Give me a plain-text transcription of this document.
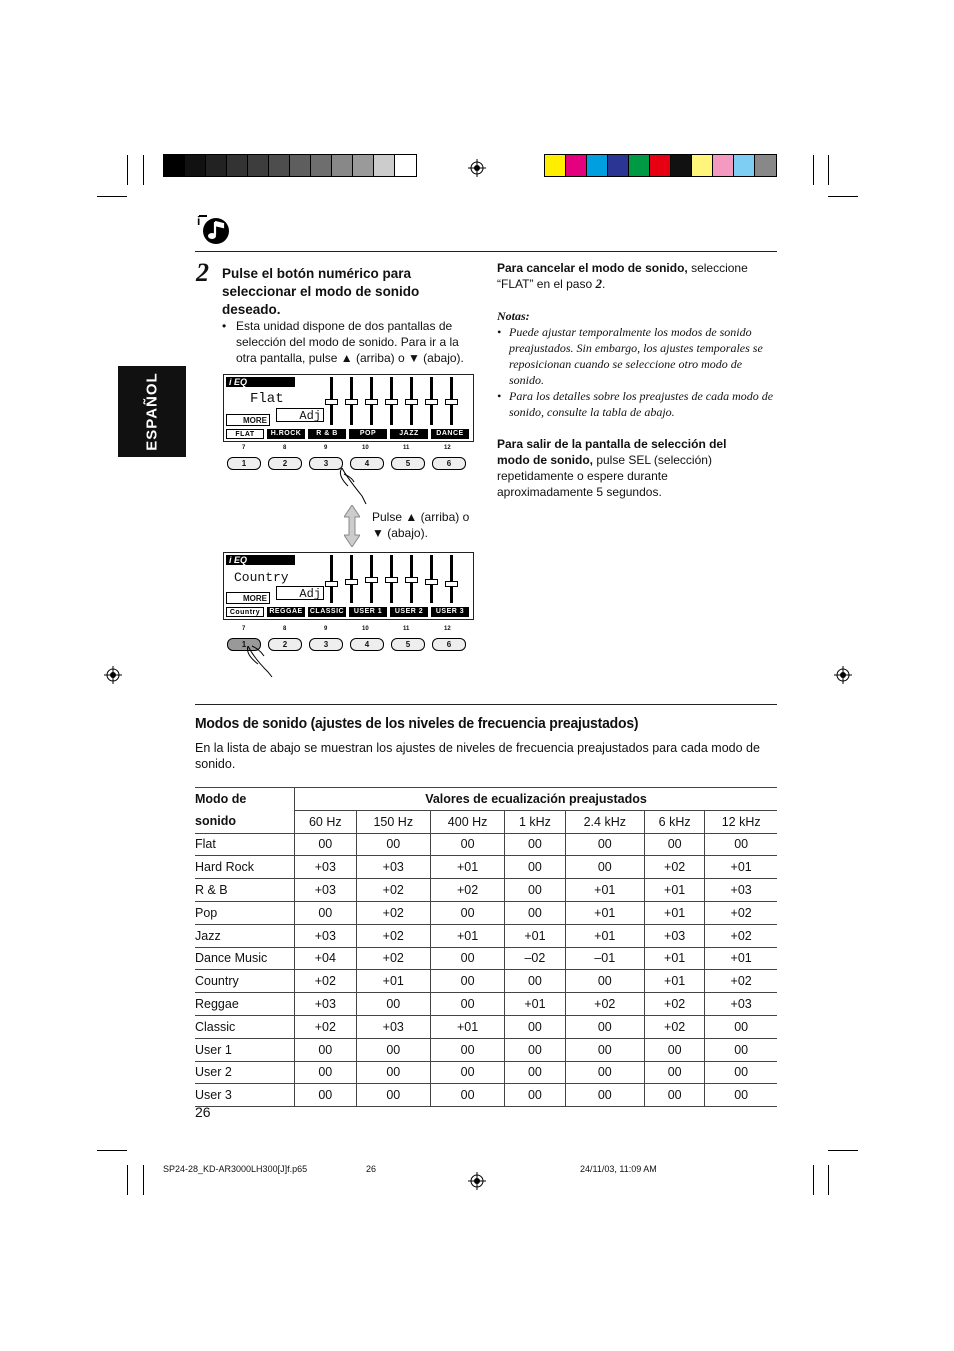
i
ESPAÑOL
2 Pulse el botón numérico para seleccionar el modo de sonido deseado.
• Esta unidad dispone de dos pantallas de selección del modo de sonido. Para ir a la otra pantalla, pulse ▲ (arriba) o ▼ (abajo).
i EQ
Flat
MORE	Adj
FLAT	H.ROCK	R & B	POP	JAZZ	DANCE
7
1
8
2
9
3
10
4
11
5
12
6
Pulse ▲ (arriba) o ▼ (abajo).
i EQ
Country
MORE	Adj
Country	REGGAE	CLASSIC	USER 1	USER 2	USER 3
7
1
8
2
9
3
10
4
11
5
12
6
Para cancelar el modo de sonido, seleccione “FLAT” en el paso 2.
Notas:
• Puede ajustar temporalmente los modos de sonido preajustados. Sin embargo, los ajustes temporales se reposicionan cuando se seleccione otro modo de sonido.
• Para los detalles sobre los preajustes de cada modo de sonido, consulte la tabla de abajo.
Para salir de la pantalla de selección del modo de sonido, pulse SEL (selección) repetidamente o espere durante aproximadamente 5 segundos.
Modos de sonido (ajustes de los niveles de frecuencia preajustados)
En la lista de abajo se muestran los ajustes de niveles de frecuencia preajustados para cada modo de sonido.
Modo de	Valores de ecualización preajustados						
sonido	60 Hz	150 Hz	400 Hz	1 kHz	2.4 kHz	6 kHz	12 kHz
Flat	00	00	00	00	00	00	00
Hard Rock	+03	+03	+01	00	00	+02	+01
R & B	+03	+02	+02	00	+01	+01	+03
Pop	00	+02	00	00	+01	+01	+02
Jazz	+03	+02	+01	+01	+01	+03	+02
Dance Music	+04	+02	00	–02	–01	+01	+01
Country	+02	+01	00	00	00	+01	+02
Reggae	+03	00	00	+01	+02	+02	+03
Classic	+02	+03	+01	00	00	+02	00
User 1	00	00	00	00	00	00	00
User 2	00	00	00	00	00	00	00
User 3	00	00	00	00	00	00	00
26
SP24-28_KD-AR3000LH300[J]f.p65	26	24/11/03, 11:09 AM
